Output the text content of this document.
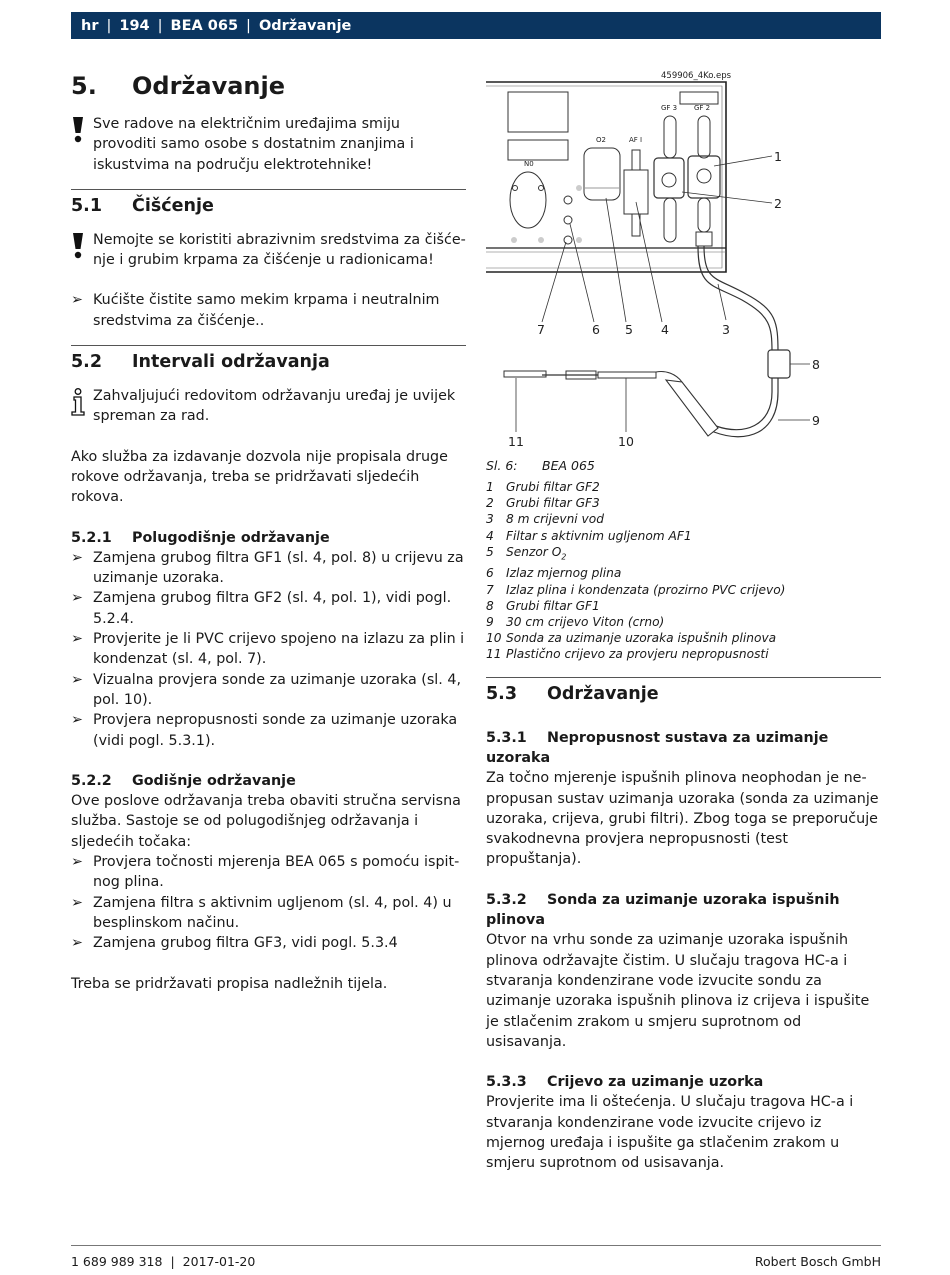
hr | 194 | BEA 065 | Održavanje
5. Održavanje

Sve radove na električnim uređajima smiju provoditi samo osobe s dostatnim znanjima i iskustvima na području elektrotehnike!

5.1 Čišćenje

Nemojte se koristiti abrazivnim sredstvima za čišćenje i grubim krpama za čišćenje u radionicama!

➢ Kućište čistite samo mekim krpama i neutralnim sredstvima za čišćenje..
5.2 Intervali održavanja

Zahvaljujući redovitom održavanju uređaj je uvijek spreman za rad.

Ako služba za izdavanje dozvola nije propisala druge rokove održavanja, treba se pridržavati sljedećih rokova.

5.2.1 Polugodišnje održavanje
➢ Zamjena grubog filtra GF1 (sl. 4, pol. 8) u crijevu za uzimanje uzoraka.
➢ Zamjena grubog filtra GF2 (sl. 4, pol. 1), vidi pogl. 5.2.4.
➢ Provjerite je li PVC crijevo spojeno na izlazu za plin i kondenzat (sl. 4, pol. 7).
➢ Vizualna provjera sonde za uzimanje uzoraka (sl. 4, pol. 10).
➢ Provjera nepropusnosti sonde za uzimanje uzoraka (vidi pogl. 5.3.1).
5.2.2 Godišnje održavanje

Ove poslove održavanja treba obaviti stručna servisna služba. Sastoje se od polugodišnjeg održavanja i sljedećih točaka:

➢ Provjera točnosti mjerenja BEA 065 s pomoću ispitnog plina.
➢ Zamjena filtra s aktivnim ugljenom (sl. 4, pol. 4) u besplinskom načinu.
➢ Zamjena grubog filtra GF3, vidi pogl. 5.3.4

Treba se pridržavati propisa nadležnih tijela.

459906_4Ko.eps
N0
O2	AF I
GF 3 GF 2
1
2
3
4
5
6
7
8
9
10
11
Sl. 6: BEA 065
1 Grubi filtar GF2
2 Grubi filtar GF3
3 8 m crijevni vod
4 Filtar s aktivnim ugljenom AF1
5 Senzor $O_2$
6 Izlaz mjernog plina
7 Izlaz plina i kondenzata (prozirno PVC crijevo)
8 Grubi filtar GF1
9 30 cm crijevo Viton (crno)
10 Sonda za uzimanje uzoraka ispušnih plinova
11 Plastično crijevo za provjeru nepropusnosti
5.3 Održavanje
5.3.1 Nepropusnost sustava za uzimanje uzoraka

Za točno mjerenje ispušnih plinova neophodan je nepropusan sustav uzimanja uzoraka (sonda za uzimanje uzoraka, crijeva, grubi filtri). Zbog toga se preporučuje svakodnevna provjera nepropusnosti (test propuštanja).

5.3.2 Sonda za uzimanje uzoraka ispušnih plinova

Otvor na vrhu sonde za uzimanje uzoraka ispušnih plinova održavajte čistim. U slučaju tragova HC-a i stvaranja kondenzirane vode izvucite sondu za uzimanje uzoraka ispušnih plinova iz crijeva i ispušite je stlačenim zrakom u smjeru suprotnom od usisavanja.

5.3.3 Crijevo za uzimanje uzorka

Provjerite ima li oštećenja. U slučaju tragova HC-a i stvaranja kondenzirane vode izvucite crijevo iz mjernog uređaja i ispušite ga stlačenim zrakom u smjeru suprotnom od usisavanja.

1 689 989 318 | 2017-01-20	Robert Bosch GmbH
